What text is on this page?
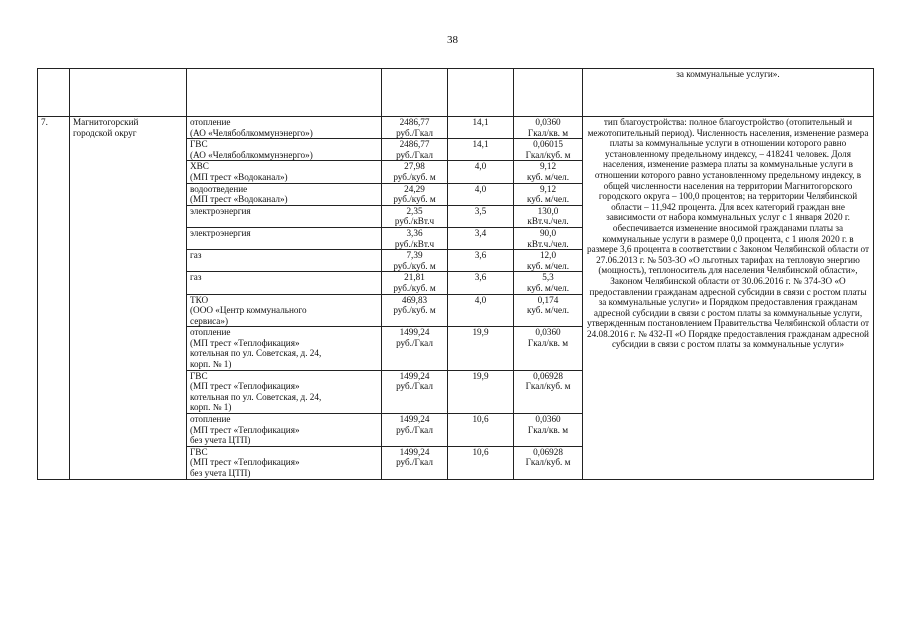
38
						за коммунальные услуги».
7.	Магнитогорский
городской округ	отопление
(АО «Челябоблкоммунэнерго»)	2486,77
руб./Гкал	14,1	0,0360
Гкал/кв. м	тип благоустройства: полное благоустройство (отопительный и межотопительный период). Численность населения, изменение размера платы за коммунальные услуги в отношении которого равно установленному предельному индексу, – 418241 человек. Доля населения, изменение размера платы за коммунальные услуги в отношении которого равно установленному предельному индексу, в общей численности населения на территории Магнитогорского городского округа – 100,0 процентов; на территории Челябинской области – 11,942 процента. Для всех категорий граждан вне зависимости от набора коммунальных услуг с 1 января 2020 г. обеспечивается изменение вносимой гражданами платы за коммунальные услуги в размере 0,0 процента, с 1 июля 2020 г. в размере 3,6 процента в соответствии с Законом Челябинской области от 27.06.2013 г. № 503-ЗО «О льготных тарифах на тепловую энергию (мощность), теплоноситель для населения Челябинской области», Законом Челябинской области от 30.06.2016 г. № 374-ЗО «О предоставлении гражданам адресной субсидии в связи с ростом платы за коммунальные услуги» и Порядком предоставления гражданам адресной субсидии в связи с ростом платы за коммунальные услуги, утвержденным постановлением Правительства Челябинской области от 24.08.2016 г. № 432-П «О Порядке предоставления гражданам адресной субсидии в связи с ростом платы за коммунальные услуги»
		ГВС
(АО «Челябоблкоммунэнерго»)	2486,77
руб./Гкал	14,1	0,06015
Гкал/куб. м	
		ХВС
(МП трест «Водоканал»)	27,98
руб./куб. м	4,0	9,12
куб. м/чел.	
		водоотведение
(МП трест «Водоканал»)	24,29
руб./куб. м	4,0	9,12
куб. м/чел.	
		электроэнергия	2,35
руб./кВт.ч	3,5	130,0
кВт.ч./чел.	
		электроэнергия	3,36
руб./кВт.ч	3,4	90,0
кВт.ч./чел.	
		газ	7,39
руб./куб. м	3,6	12,0
куб. м/чел.	
		газ	21,81
руб./куб. м	3,6	5,3
куб. м/чел.	
		ТКО
(ООО «Центр коммунального
сервиса»)	469,83
руб./куб. м	4,0	0,174
куб. м/чел.	
		отопление
(МП трест «Теплофикация»
котельная по ул. Советская, д. 24,
корп. № 1)	1499,24
руб./Гкал	19,9	0,0360
Гкал/кв. м	
		ГВС
(МП трест «Теплофикация»
котельная по ул. Советская, д. 24,
корп. № 1)	1499,24
руб./Гкал	19,9	0,06928
Гкал/куб. м	
		отопление
(МП трест «Теплофикация»
без учета ЦТП)	1499,24
руб./Гкал	10,6	0,0360
Гкал/кв. м	
		ГВС
(МП трест «Теплофикация»
без учета ЦТП)	1499,24
руб./Гкал	10,6	0,06928
Гкал/куб. м	
